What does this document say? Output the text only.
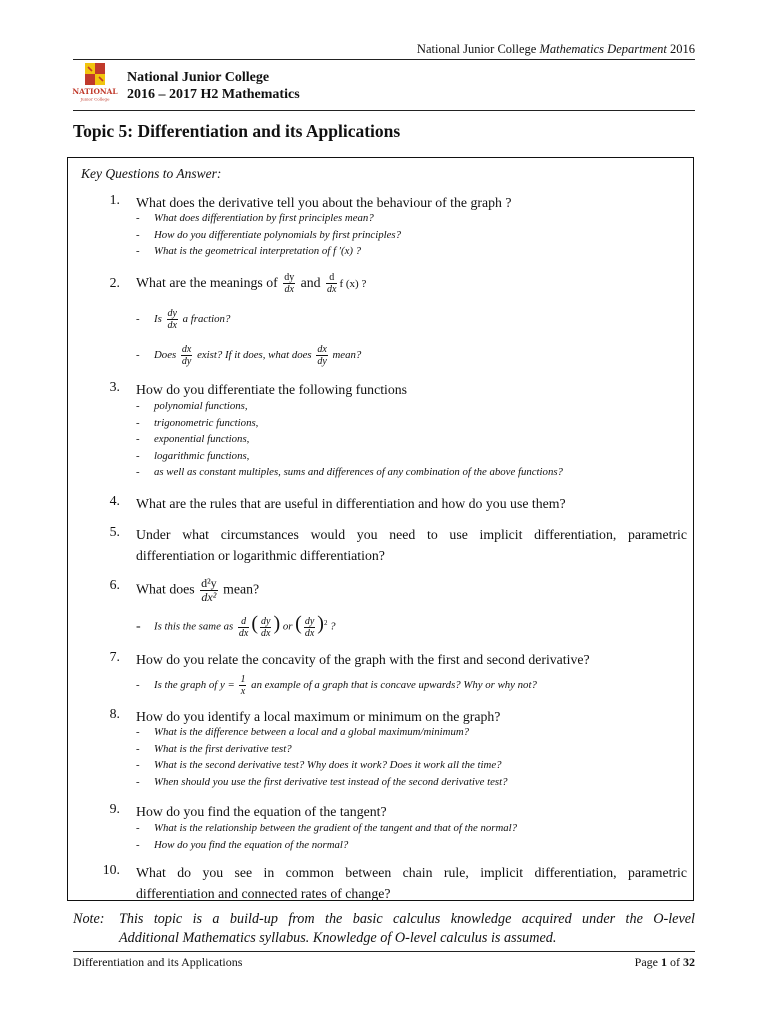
National Junior College Mathematics Department 2016
NATIONAL
Junior College
National Junior College
2016 – 2017 H2 Mathematics
Topic 5: Differentiation and its Applications
Key Questions to Answer:
1. What does the derivative tell you about the behaviour of the graph ?
- What does differentiation by first principles mean?
- How do you differentiate polynomials by first principles?
- What is the geometrical interpretation of f ′(x) ?
2. What are the meanings of $\frac{dy}{dx}$ and $\frac{d}{dx}$ f (x) ?
- Is $\frac{dy}{dx}$ a fraction?
- Does $\frac{dx}{dy}$ exist? If it does, what does $\frac{dx}{dy}$ mean?
3. How do you differentiate the following functions
- polynomial functions,
- trigonometric functions,
- exponential functions,
- logarithmic functions,
- as well as constant multiples, sums and differences of any combination of the above functions?
4. What are the rules that are useful in differentiation and how do you use them?
5. Under what circumstances would you need to use implicit differentiation, parametric
differentiation or logarithmic differentiation?
6. What does $\frac{\text{d²y}}{\text{dx²}}$ mean?
- Is this the same as $\frac{d}{dx}$ ( $\frac{dy}{dx}$ ) or ( $\frac{dy}{dx} )^2$ ?
7. How do you relate the concavity of the graph with the first and second derivative?
- Is the graph of $y = \frac{1}{x}$ an example of a graph that is concave upwards? Why or why not?
8. How do you identify a local maximum or minimum on the graph?
- What is the difference between a local and a global maximum/minimum?
- What is the first derivative test?
- What is the second derivative test? Why does it work? Does it work all the time?
- When should you use the first derivative test instead of the second derivative test?
9. How do you find the equation of the tangent?
- What is the relationship between the gradient of the tangent and that of the normal?
- How do you find the equation of the normal?
10. What do you see in common between chain rule, implicit differentiation, parametric
differentiation and connected rates of change?
Note:	This topic is a build-up from the basic calculus knowledge acquired under the O-level
Additional Mathematics syllabus. Knowledge of O-level calculus is assumed.
Differentiation and its Applications	Page 1 of 32
